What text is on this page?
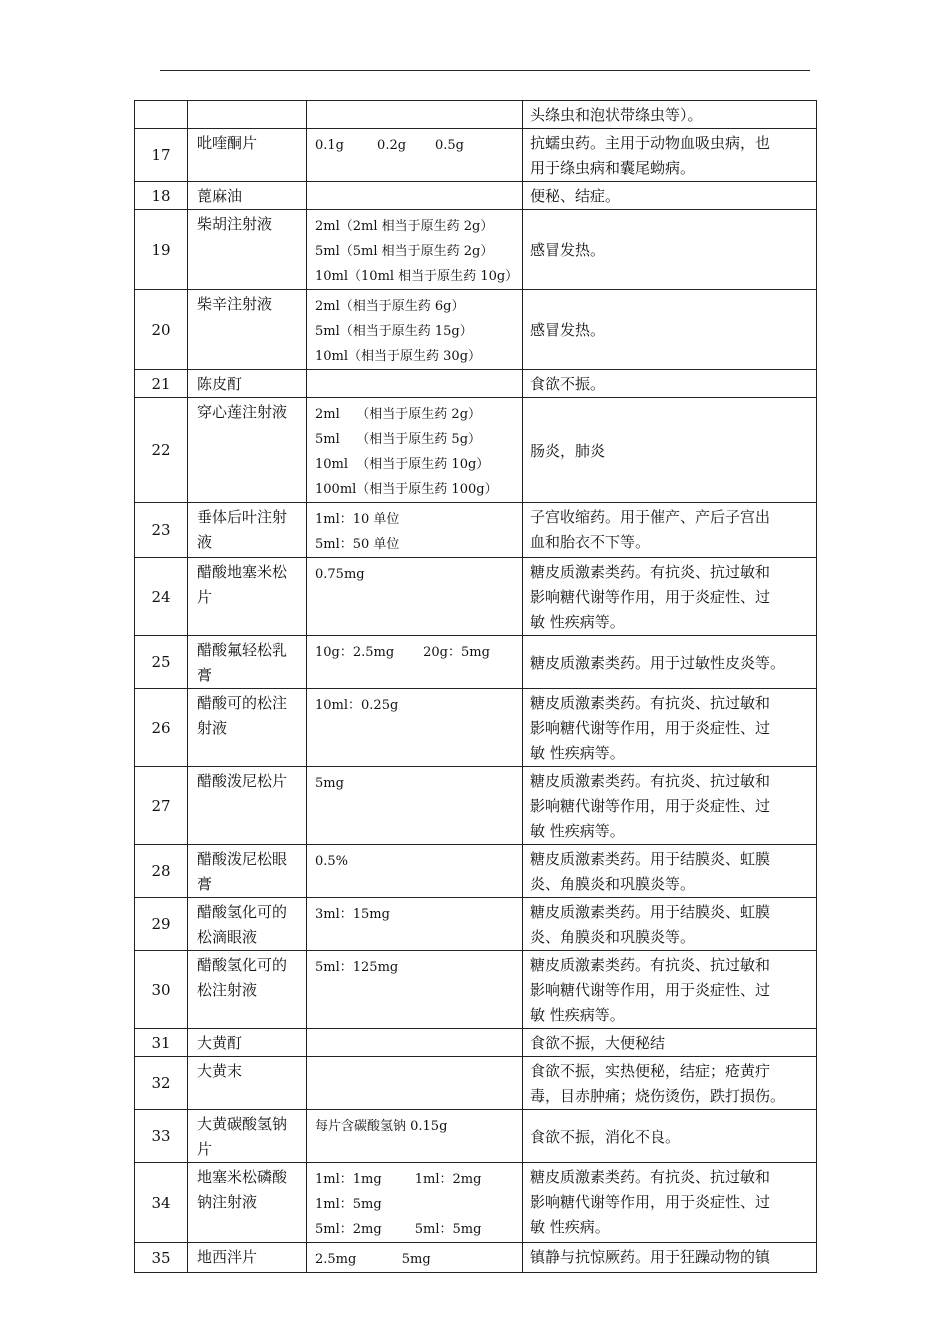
			头绦虫和泡状带绦虫等）。

17	吡喹酮片	0.1g        0.2g       0.5g	抗蠕虫药。主用于动物血吸虫病，也
用于绦虫病和囊尾蚴病。

18	蓖麻油		便秘、结症。

19	柴胡注射液	2ml（2ml 相当于原生药 2g）
5ml（5ml 相当于原生药 2g）
10ml（10ml 相当于原生药 10g）	感冒发热。

20	柴辛注射液	2ml（相当于原生药 6g）
5ml（相当于原生药 15g）
10ml（相当于原生药 30g）	感冒发热。

21	陈皮酊		食欲不振。

22	穿心莲注射液	2ml    （相当于原生药 2g）
5ml    （相当于原生药 5g）
10ml  （相当于原生药 10g）
100ml（相当于原生药 100g）	肠炎，肺炎

23	垂体后叶注射
液	1ml：10 单位
5ml：50 单位	子宫收缩药。用于催产、产后子宫出
血和胎衣不下等。

24	醋酸地塞米松
片	0.75mg	糖皮质激素类药。有抗炎、抗过敏和
影响糖代谢等作用，用于炎症性、过
敏 性疾病等。

25	醋酸氟轻松乳
膏	10g：2.5mg       20g：5mg	糖皮质激素类药。用于过敏性皮炎等。

26	醋酸可的松注
射液	10ml：0.25g	糖皮质激素类药。有抗炎、抗过敏和
影响糖代谢等作用，用于炎症性、过
敏 性疾病等。

27	醋酸泼尼松片	5mg	糖皮质激素类药。有抗炎、抗过敏和
影响糖代谢等作用，用于炎症性、过
敏 性疾病等。

28	醋酸泼尼松眼
膏	0.5%	糖皮质激素类药。用于结膜炎、虹膜
炎、角膜炎和巩膜炎等。

29	醋酸氢化可的
松滴眼液	3ml：15mg	糖皮质激素类药。用于结膜炎、虹膜
炎、角膜炎和巩膜炎等。

30	醋酸氢化可的
松注射液	5ml：125mg	糖皮质激素类药。有抗炎、抗过敏和
影响糖代谢等作用，用于炎症性、过
敏 性疾病等。

31	大黄酊		食欲不振，大便秘结

32	大黄末		食欲不振，实热便秘，结症；疮黄疔
毒，目赤肿痛；烧伤烫伤，跌打损伤。

33	大黄碳酸氢钠
片	每片含碳酸氢钠 0.15g	食欲不振，消化不良。

34	地塞米松磷酸
钠注射液	1ml：1mg        1ml：2mg
1ml：5mg
5ml：2mg        5ml：5mg	糖皮质激素类药。有抗炎、抗过敏和
影响糖代谢等作用，用于炎症性、过
敏 性疾病。

35	地西泮片	2.5mg           5mg	镇静与抗惊厥药。用于狂躁动物的镇
